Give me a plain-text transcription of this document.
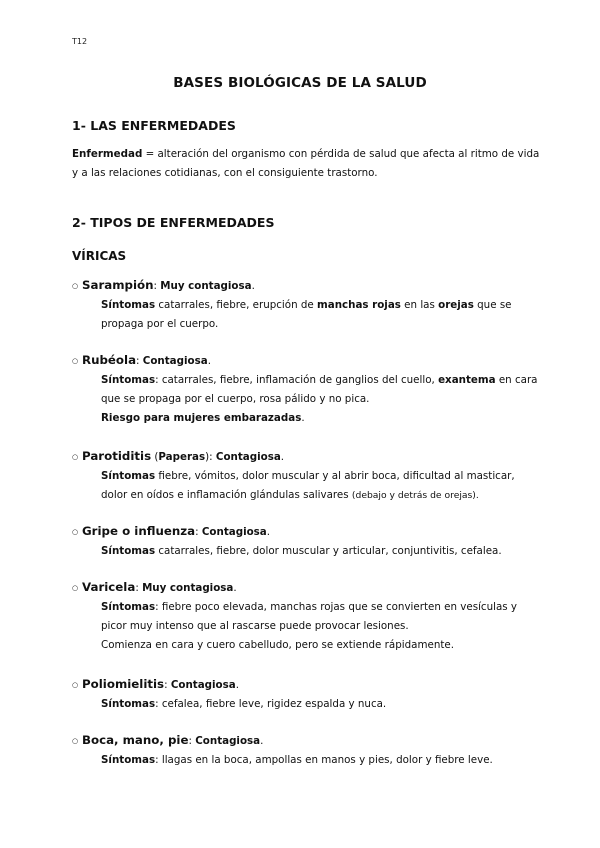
T12
BASES BIOLÓGICAS DE LA SALUD
1- LAS ENFERMEDADES
Enfermedad = alteración del organismo con pérdida de salud que afecta al ritmo de vida y a las relaciones cotidianas, con el consiguiente trastorno.
2- TIPOS DE ENFERMEDADES
VÍRICAS
○ Sarampión: Muy contagiosa.
Síntomas catarrales, fiebre, erupción de manchas rojas en las orejas que se propaga por el cuerpo.
○ Rubéola: Contagiosa.
Síntomas: catarrales, fiebre, inflamación de ganglios del cuello, exantema en cara que se propaga por el cuerpo, rosa pálido y no pica.
Riesgo para mujeres embarazadas.
○ Parotiditis (Paperas): Contagiosa.
Síntomas fiebre, vómitos, dolor muscular y al abrir boca, dificultad al masticar, dolor en oídos e inflamación glándulas salivares (debajo y detrás de orejas).
○ Gripe o influenza: Contagiosa.
Síntomas catarrales, fiebre, dolor muscular y articular, conjuntivitis, cefalea.
○ Varicela: Muy contagiosa.
Síntomas: fiebre poco elevada, manchas rojas que se convierten en vesículas y picor muy intenso que al rascarse puede provocar lesiones.
Comienza en cara y cuero cabelludo, pero se extiende rápidamente.
○ Poliomielitis: Contagiosa.
Síntomas: cefalea, fiebre leve, rigidez espalda y nuca.
○ Boca, mano, pie: Contagiosa.
Síntomas: llagas en la boca, ampollas en manos y pies, dolor y fiebre leve.
